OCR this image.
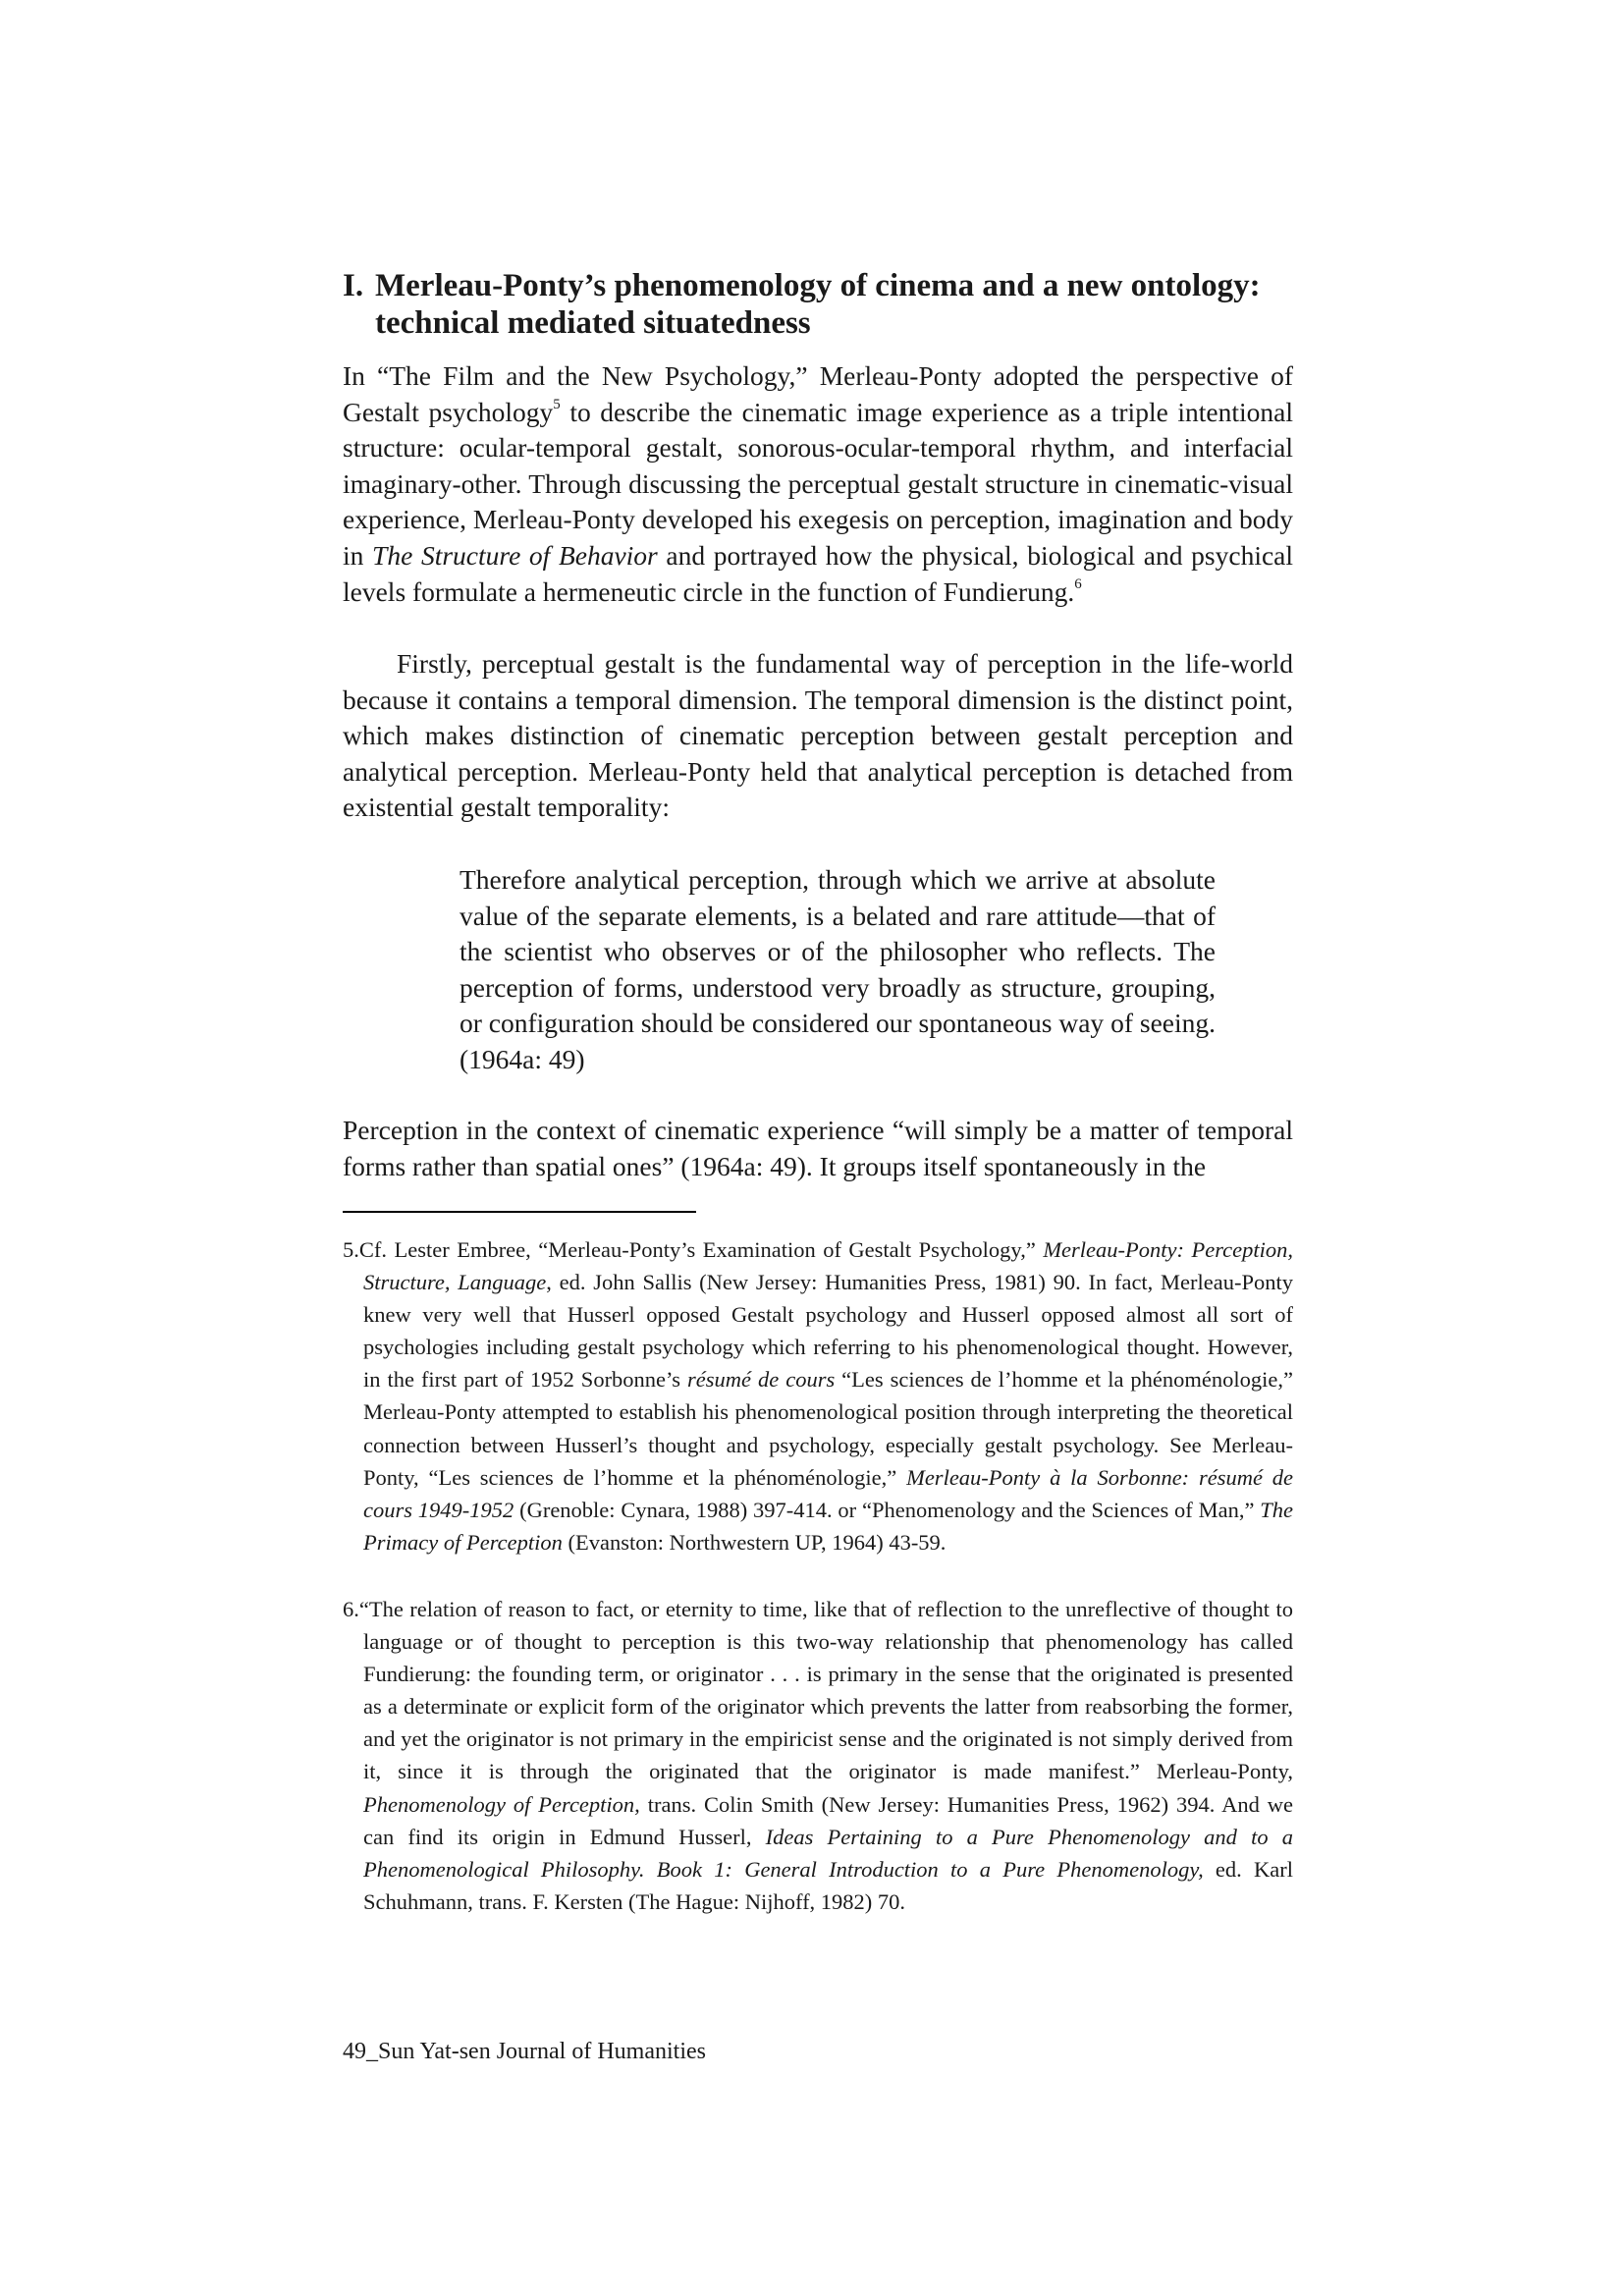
I. Merleau-Ponty’s phenomenology of cinema and a new ontology:
technical mediated situatedness

In “The Film and the New Psychology,” Merleau-Ponty adopted the perspective of Gestalt psychology$^5$ to describe the cinematic image experience as a triple intentional structure: ocular-temporal gestalt, sonorous-ocular-temporal rhythm, and interfacial imaginary-other. Through discussing the perceptual gestalt structure in cinematic-visual experience, Merleau-Ponty developed his exegesis on perception, imagination and body in The Structure of Behavior and portrayed how the physical, biological and psychical levels formulate a hermeneutic circle in the function of Fundierung.$^6$

Firstly, perceptual gestalt is the fundamental way of perception in the life-world because it contains a temporal dimension. The temporal dimension is the distinct point, which makes distinction of cinematic perception between gestalt perception and analytical perception. Merleau-Ponty held that analytical perception is detached from existential gestalt temporality:

Therefore analytical perception, through which we arrive at absolute value of the separate elements, is a belated and rare attitude—that of the scientist who observes or of the philosopher who reflects. The perception of forms, understood very broadly as structure, grouping, or configuration should be considered our spontaneous way of seeing. (1964a: 49)

Perception in the context of cinematic experience “will simply be a matter of temporal forms rather than spatial ones” (1964a: 49). It groups itself spontaneously in the

5.Cf. Lester Embree, “Merleau-Ponty’s Examination of Gestalt Psychology,” Merleau-Ponty: Perception, Structure, Language, ed. John Sallis (New Jersey: Humanities Press, 1981) 90. In fact, Merleau-Ponty knew very well that Husserl opposed Gestalt psychology and Husserl opposed almost all sort of psychologies including gestalt psychology which referring to his phenomenological thought. However, in the first part of 1952 Sorbonne’s résumé de cours “Les sciences de l’homme et la phénoménologie,” Merleau-Ponty attempted to establish his phenomenological position through interpreting the theoretical connection between Husserl’s thought and psychology, especially gestalt psychology. See Merleau-Ponty, “Les sciences de l’homme et la phénoménologie,” Merleau-Ponty à la Sorbonne: résumé de cours 1949-1952 (Grenoble: Cynara, 1988) 397-414. or “Phenomenology and the Sciences of Man,” The Primacy of Perception (Evanston: Northwestern UP, 1964) 43-59.

6.“The relation of reason to fact, or eternity to time, like that of reflection to the unreflective of thought to language or of thought to perception is this two-way relationship that phenomenology has called Fundierung: the founding term, or originator . . . is primary in the sense that the originated is presented as a determinate or explicit form of the originator which prevents the latter from reabsorbing the former, and yet the originator is not primary in the empiricist sense and the originated is not simply derived from it, since it is through the originated that the originator is made manifest.” Merleau-Ponty, Phenomenology of Perception, trans. Colin Smith (New Jersey: Humanities Press, 1962) 394. And we can find its origin in Edmund Husserl, Ideas Pertaining to a Pure Phenomenology and to a Phenomenological Philosophy. Book 1: General Introduction to a Pure Phenomenology, ed. Karl Schuhmann, trans. F. Kersten (The Hague: Nijhoff, 1982) 70.

49_Sun Yat-sen Journal of Humanities
